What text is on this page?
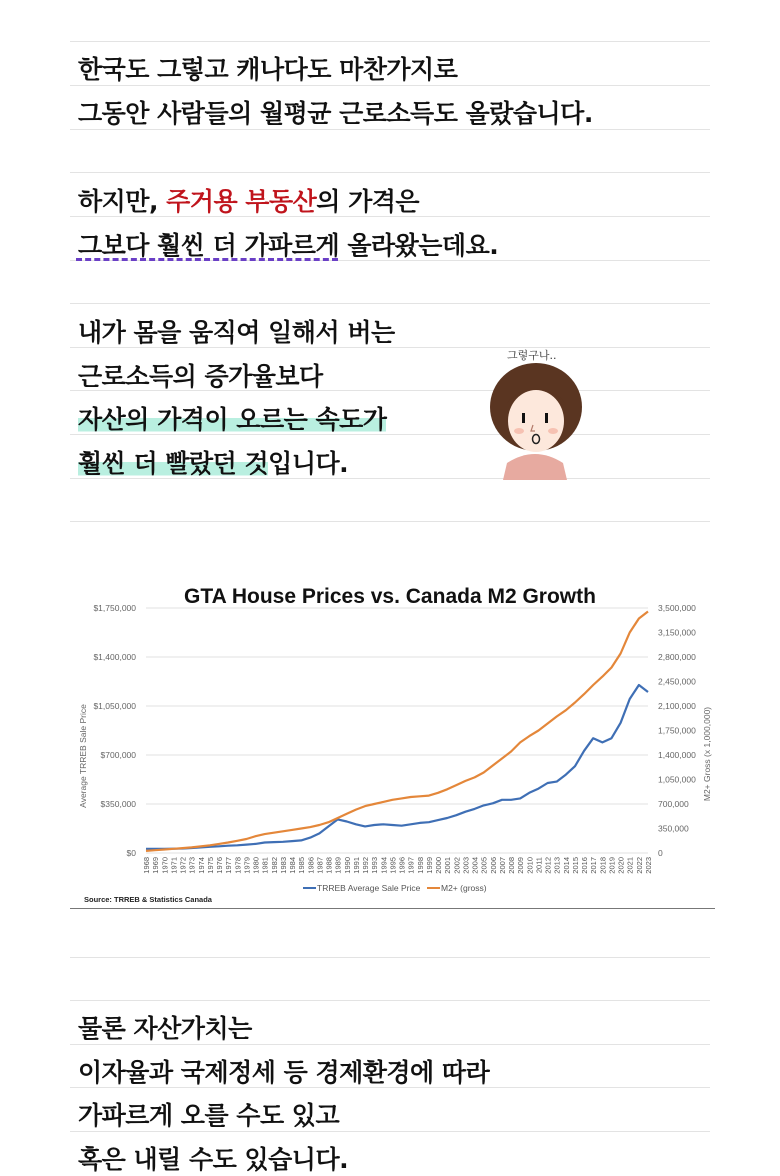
한국도 그렇고 캐나다도 마찬가지로
그동안 사람들의 월평균 근로소득도 올랐습니다.
하지만, 주거용 부동산의 가격은
그보다 훨씬 더 가파르게 올라왔는데요.
내가 몸을 움직여 일해서 버는
근로소득의 증가율보다
자산의 가격이 오르는 속도가
훨씬 더 빨랐던 것입니다.
그렇구나..
GTA House Prices vs. Canada M2 Growth
Average TRREB Sale Price	M2+ Gross (x 1,000,000)
$0
$350,000
$700,000
$1,050,000
$1,400,000
$1,750,000
0
350,000
700,000
1,050,000
1,400,000
1,750,000
2,100,000
2,450,000
2,800,000
3,150,000
3,500,000
1968 1969 1970 1971 1972 1973 1974 1975 1976 1977 1978 1979 1980 1981 1982 1983 1984 1985 1986 1987 1988 1989 1990 1991 1992 1993 1994 1995 1996 1997 1998 1999 2000 2001 2002 2003 2004 2005 2006 2007 2008 2009 2010 2011 2012 2013 2014 2015 2016 2017 2018 2019 2020 2021 2022 2023
TRREB Average Sale Price M2+ (gross)
Source: TRREB & Statistics Canada
물론 자산가치는
이자율과 국제정세 등 경제환경에 따라
가파르게 오를 수도 있고
혹은 내릴 수도 있습니다.
